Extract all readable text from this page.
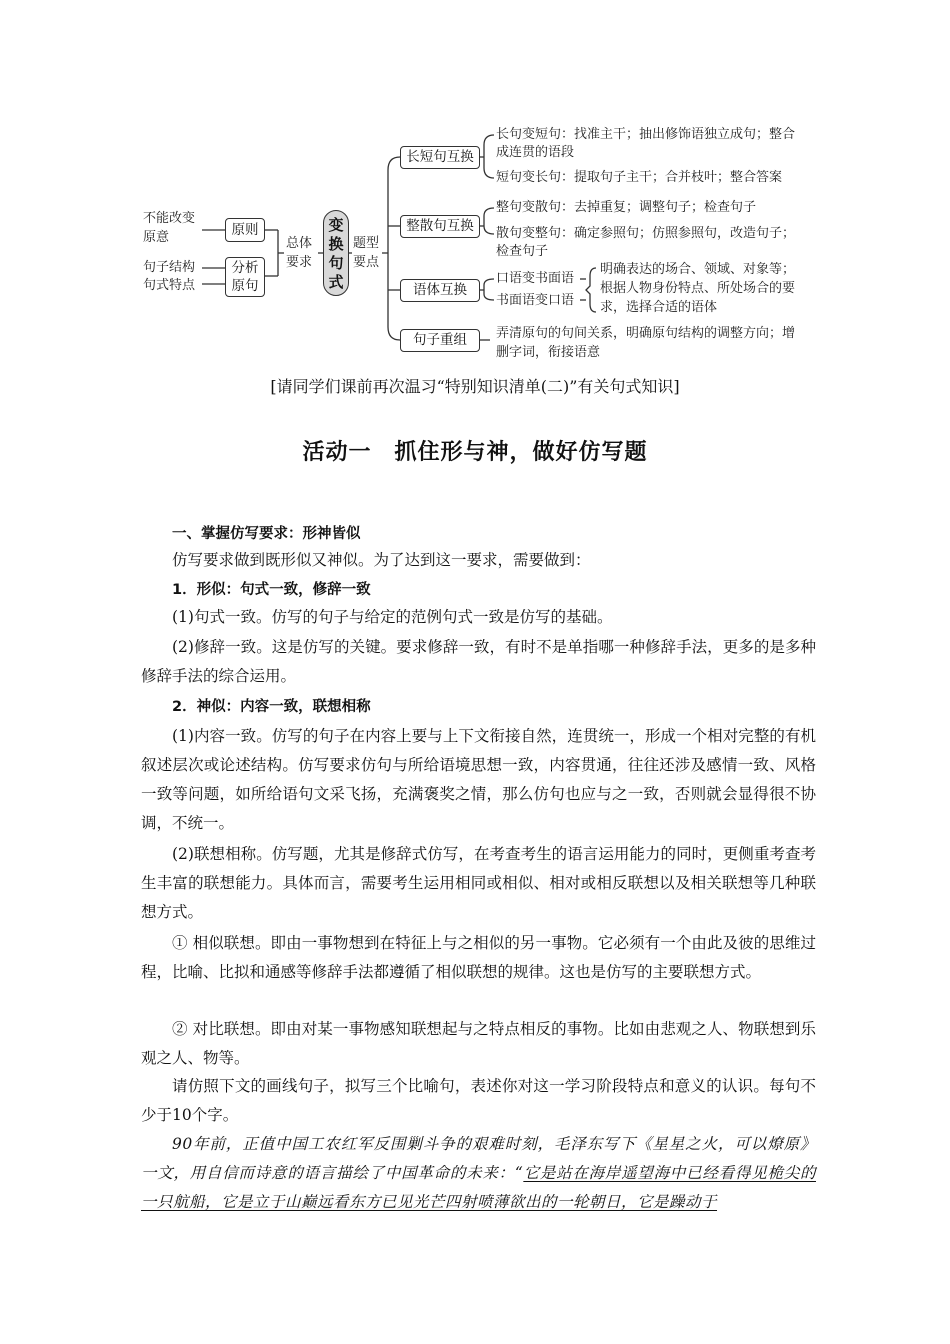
不能改变原意
句子结构
句式特点
原则
分析原句
总体要求
变换句式
题型要点
长短句互换
整散句互换
语体互换
句子重组
长句变短句：找准主干；抽出修饰语独立成句；整合成连贯的语段
短句变长句：提取句子主干；合并枝叶；整合答案
整句变散句：去掉重复；调整句子；检查句子
散句变整句：确定参照句；仿照参照句，改造句子；检查句子
口语变书面语
书面语变口语
明确表达的场合、领域、对象等；根据人物身份特点、所处场合的要求，选择合适的语体
弄清原句的句间关系，明确原句结构的调整方向；增删字词，衔接语意
[请同学们课前再次温习“特别知识清单(二)”有关句式知识]
活动一　抓住形与神，做好仿写题
一、掌握仿写要求：形神皆似
仿写要求做到既形似又神似。为了达到这一要求，需要做到：
1．形似：句式一致，修辞一致
(1)句式一致。仿写的句子与给定的范例句式一致是仿写的基础。
(2)修辞一致。这是仿写的关键。要求修辞一致，有时不是单指哪一种修辞手法，更多的是多种修辞手法的综合运用。
2．神似：内容一致，联想相称
(1)内容一致。仿写的句子在内容上要与上下文衔接自然，连贯统一，形成一个相对完整的有机叙述层次或论述结构。仿写要求仿句与所给语境思想一致，内容贯通，往往还涉及感情一致、风格一致等问题，如所给语句文采飞扬，充满褒奖之情，那么仿句也应与之一致，否则就会显得很不协调，不统一。
(2)联想相称。仿写题，尤其是修辞式仿写，在考查考生的语言运用能力的同时，更侧重考查考生丰富的联想能力。具体而言，需要考生运用相同或相似、相对或相反联想以及相关联想等几种联想方式。
① 相似联想。即由一事物想到在特征上与之相似的另一事物。它必须有一个由此及彼的思维过程，比喻、比拟和通感等修辞手法都遵循了相似联想的规律。这也是仿写的主要联想方式。
② 对比联想。即由对某一事物感知联想起与之特点相反的事物。比如由悲观之人、物联想到乐观之人、物等。
请仿照下文的画线句子，拟写三个比喻句，表述你对这一学习阶段特点和意义的认识。每句不少于10个字。
90年前，正值中国工农红军反围剿斗争的艰难时刻，毛泽东写下《星星之火，可以燎原》一文，用自信而诗意的语言描绘了中国革命的未来：“它是站在海岸遥望海中已经看得见桅尖的一只航船，它是立于山巅远看东方已见光芒四射喷薄欲出的一轮朝日，它是躁动于
